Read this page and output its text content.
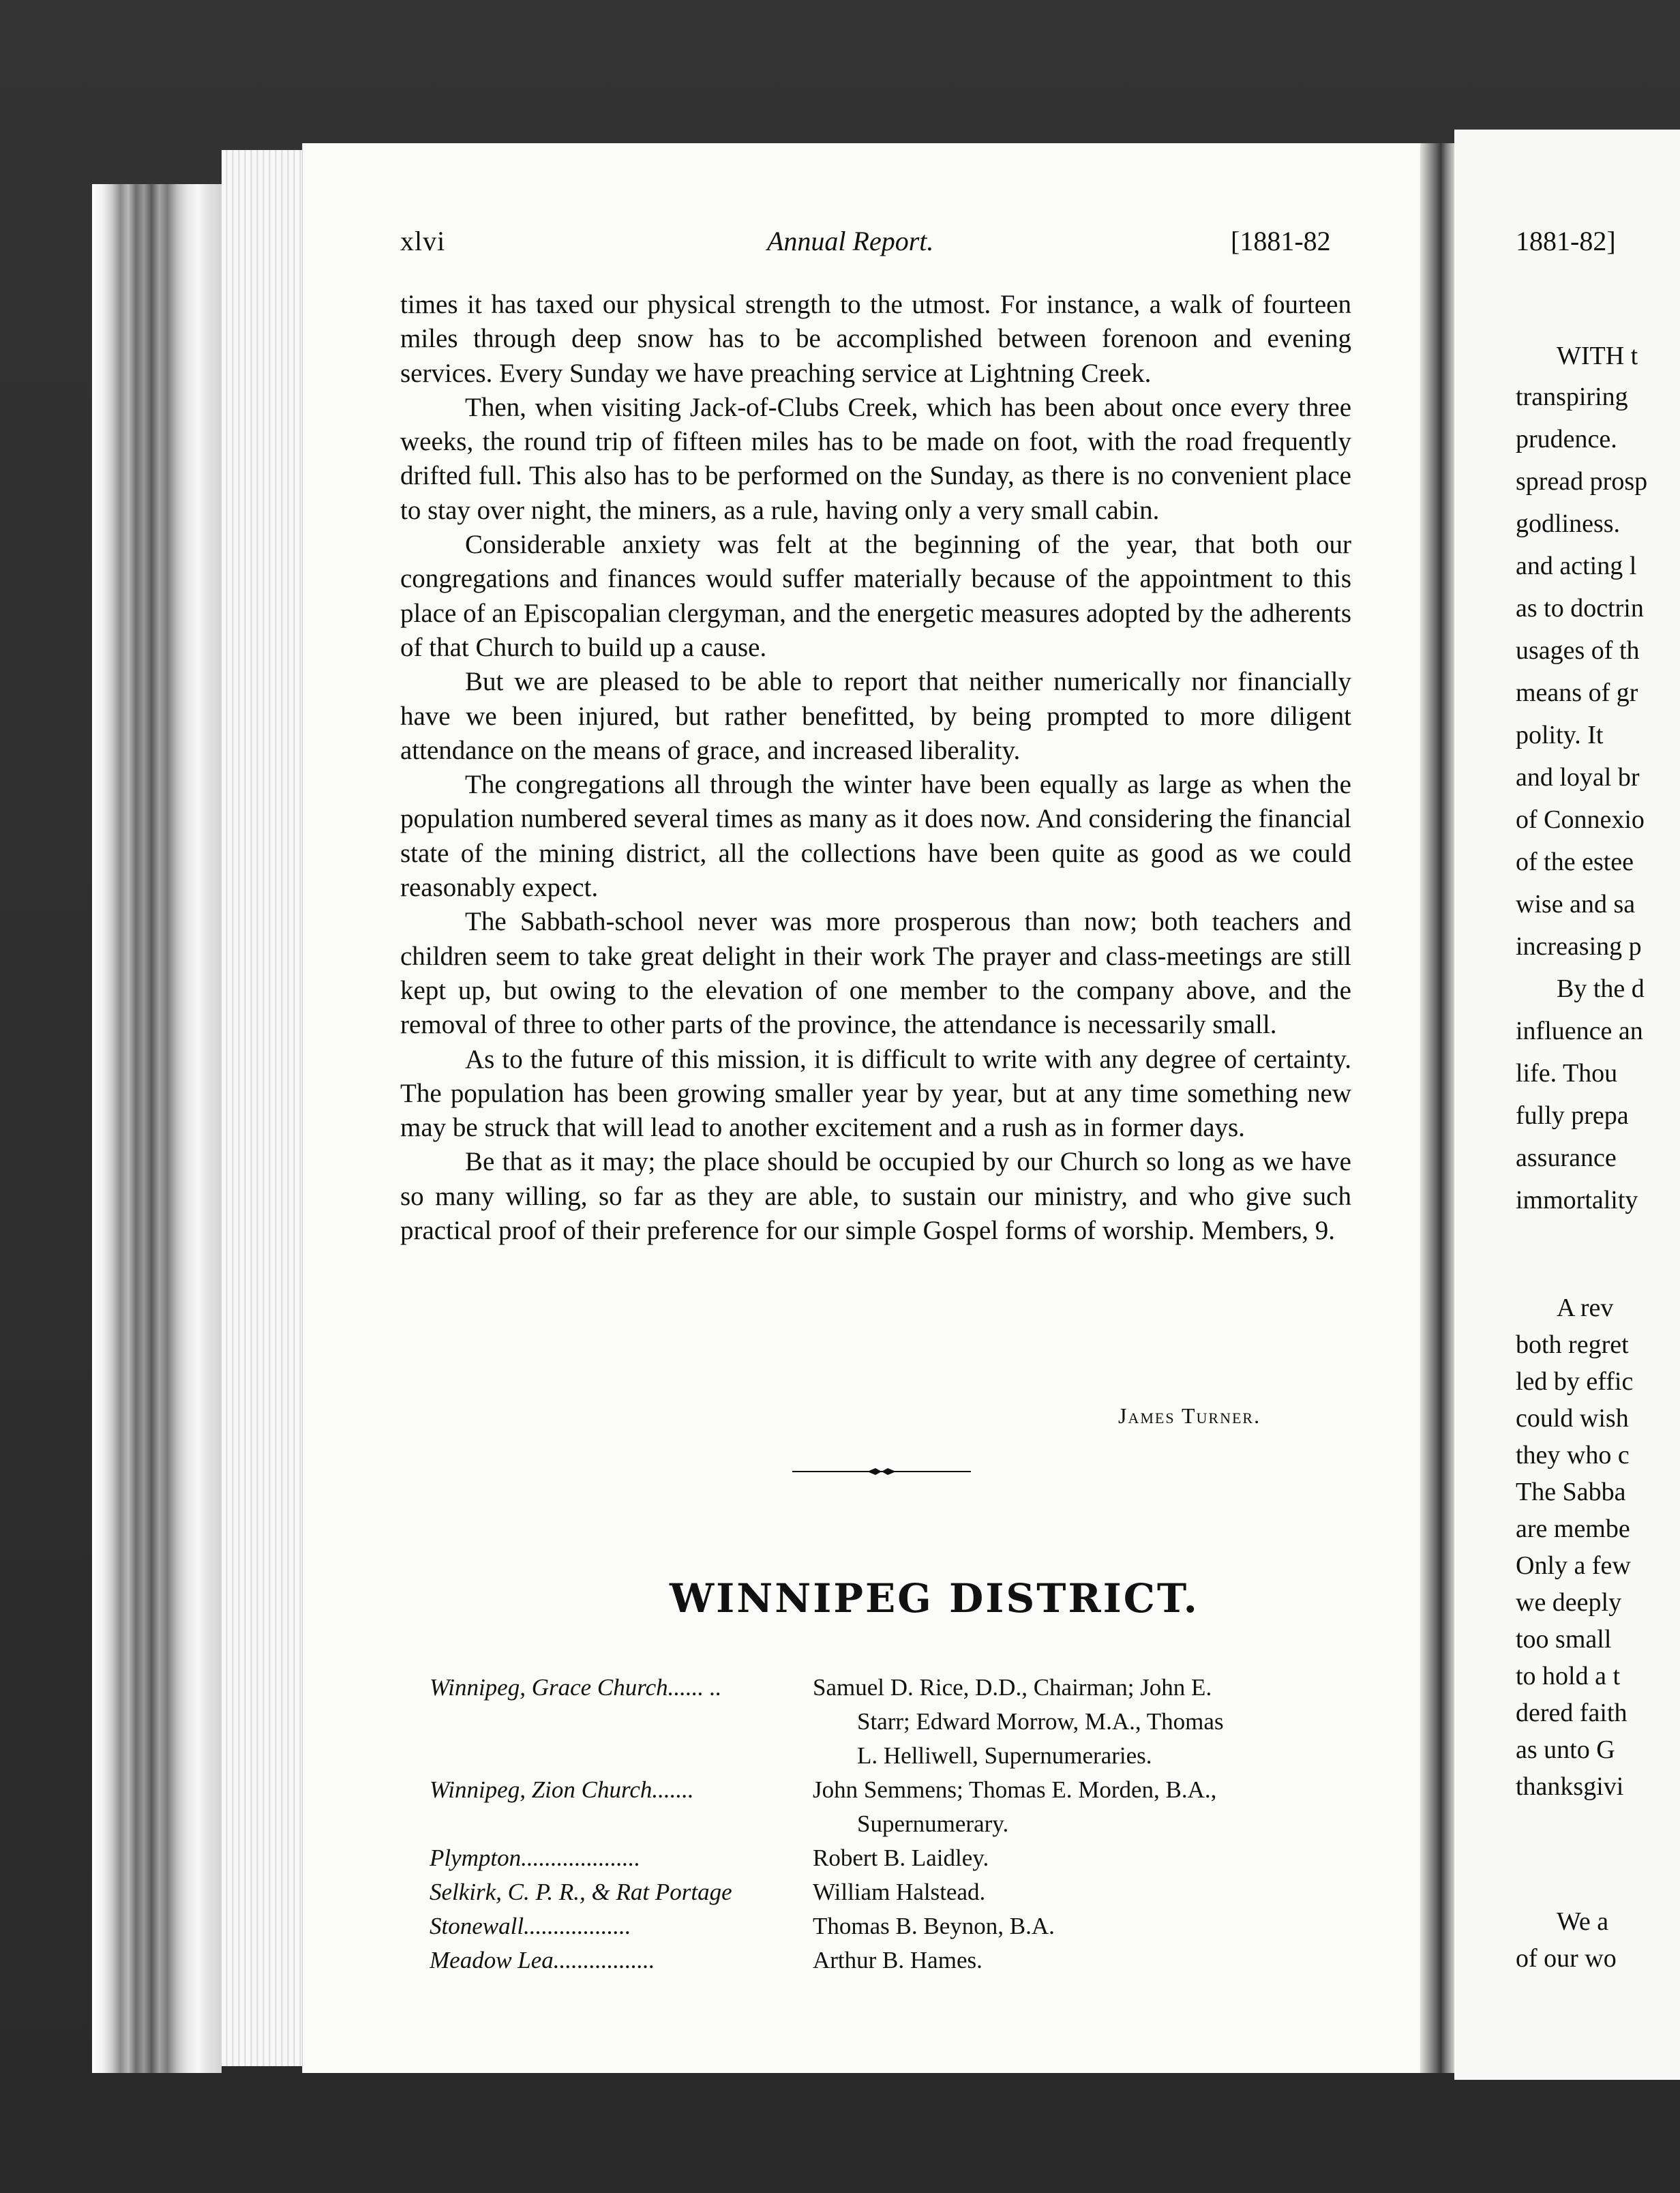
xlvi	Annual Report.	[1881-82

times it has taxed our physical strength to the utmost. For instance, a walk of fourteen miles through deep snow has to be accomplished between forenoon and evening services. Every Sunday we have preaching service at Lightning Creek.

Then, when visiting Jack-of-Clubs Creek, which has been about once every three weeks, the round trip of fifteen miles has to be made on foot, with the road frequently drifted full. This also has to be performed on the Sunday, as there is no convenient place to stay over night, the miners, as a rule, having only a very small cabin.

Considerable anxiety was felt at the beginning of the year, that both our congregations and finances would suffer materially because of the appointment to this place of an Episcopalian clergyman, and the energetic measures adopted by the adherents of that Church to build up a cause.

But we are pleased to be able to report that neither numerically nor financially have we been injured, but rather benefitted, by being prompted to more diligent attendance on the means of grace, and increased liberality.

The congregations all through the winter have been equally as large as when the population numbered several times as many as it does now. And considering the financial state of the mining district, all the collections have been quite as good as we could reasonably expect.

The Sabbath-school never was more prosperous than now; both teachers and children seem to take great delight in their work The prayer and class-meetings are still kept up, but owing to the elevation of one member to the company above, and the removal of three to other parts of the province, the attendance is necessarily small.

As to the future of this mission, it is difficult to write with any degree of certainty. The population has been growing smaller year by year, but at any time something new may be struck that will lead to another excitement and a rush as in former days.

Be that as it may; the place should be occupied by our Church so long as we have so many willing, so far as they are able, to sustain our ministry, and who give such practical proof of their preference for our simple Gospel forms of worship. Members, 9.

James Turner.
WINNIPEG DISTRICT.
Winnipeg, Grace Church...... ..	Samuel D. Rice, D.D., Chairman; John E.
Starr; Edward Morrow, M.A., Thomas
L. Helliwell, Supernumeraries.
Winnipeg, Zion Church.......	John Semmens; Thomas E. Morden, B.A.,
Supernumerary.
Plympton....................	Robert B. Laidley.
Selkirk, C. P. R., & Rat Portage	William Halstead.
Stonewall..................	Thomas B. Beynon, B.A.
Meadow Lea.................	Arthur B. Hames.
1881-82]
WITH t
transpiring
prudence.
spread prosp
godliness.
and acting l
as to doctrin
usages of th
means of gr
polity. It
and loyal br
of Connexio
of the estee
wise and sa
increasing p
By the d
influence an
life. Thou
fully prepa
assurance
immortality
A rev
both regret
led by effic
could wish
they who c
The Sabba
are membe
Only a few
we deeply
too small
to hold a t
dered faith
as unto G
thanksgivi
We a
of our wo
